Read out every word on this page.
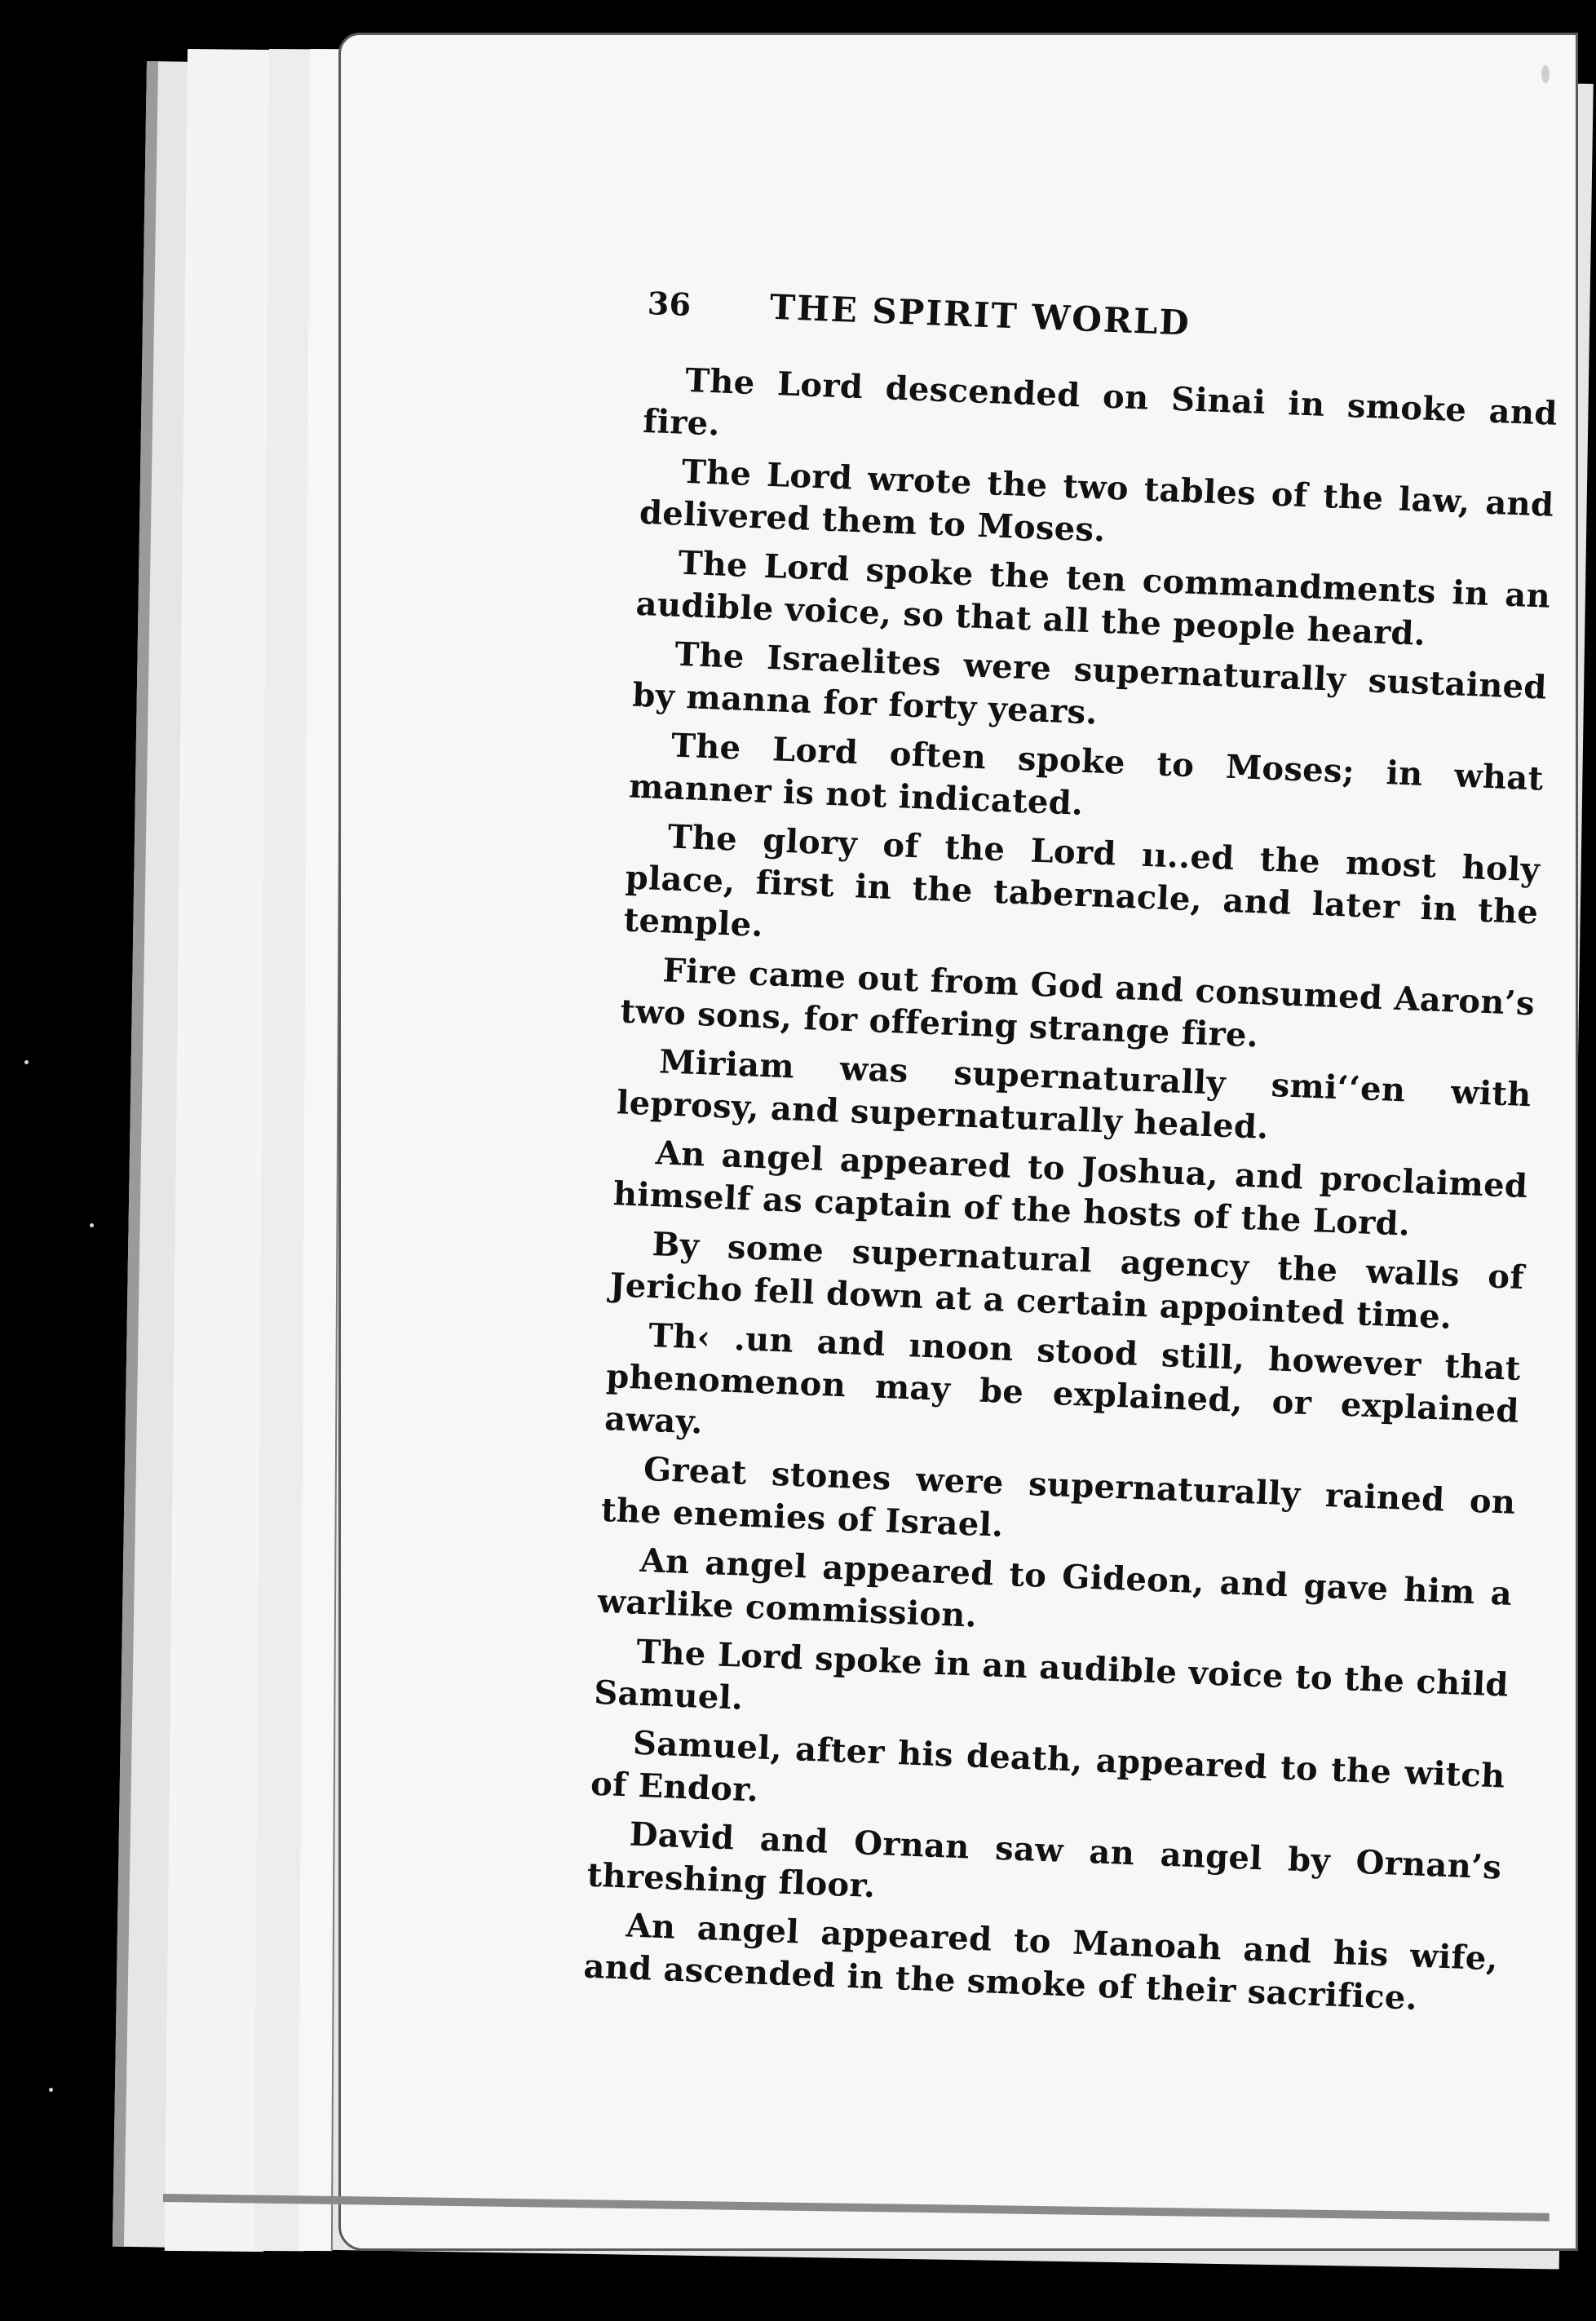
36	THE SPIRIT WORLD

The Lord descended on Sinai in smoke and fire.

The Lord wrote the two tables of the law, and delivered them to Moses.

The Lord spoke the ten commandments in an audible voice, so that all the people heard.

The Israelites were supernaturally sustained by manna for forty years.

The Lord often spoke to Moses; in what manner is not indicated.

The glory of the Lord ıı..ed the most holy place, first in the tabernacle, and later in the temple.

Fire came out from God and consumed Aaron’s two sons, for offering strange fire.

Miriam was supernaturally smi‘‘en with leprosy, and supernaturally healed.

An angel appeared to Joshua, and proclaimed himself as captain of the hosts of the Lord.

By some supernatural agency the walls of Jericho fell down at a certain appointed time.

Th‹ .un and ınoon stood still, however that phenomenon may be explained, or explained away.

Great stones were supernaturally rained on the enemies of Israel.

An angel appeared to Gideon, and gave him a warlike commission.

The Lord spoke in an audible voice to the child Samuel.

Samuel, after his death, appeared to the witch of Endor.

David and Ornan saw an angel by Ornan’s threshing floor.

An angel appeared to Manoah and his wife, and ascended in the smoke of their sacrifice.
